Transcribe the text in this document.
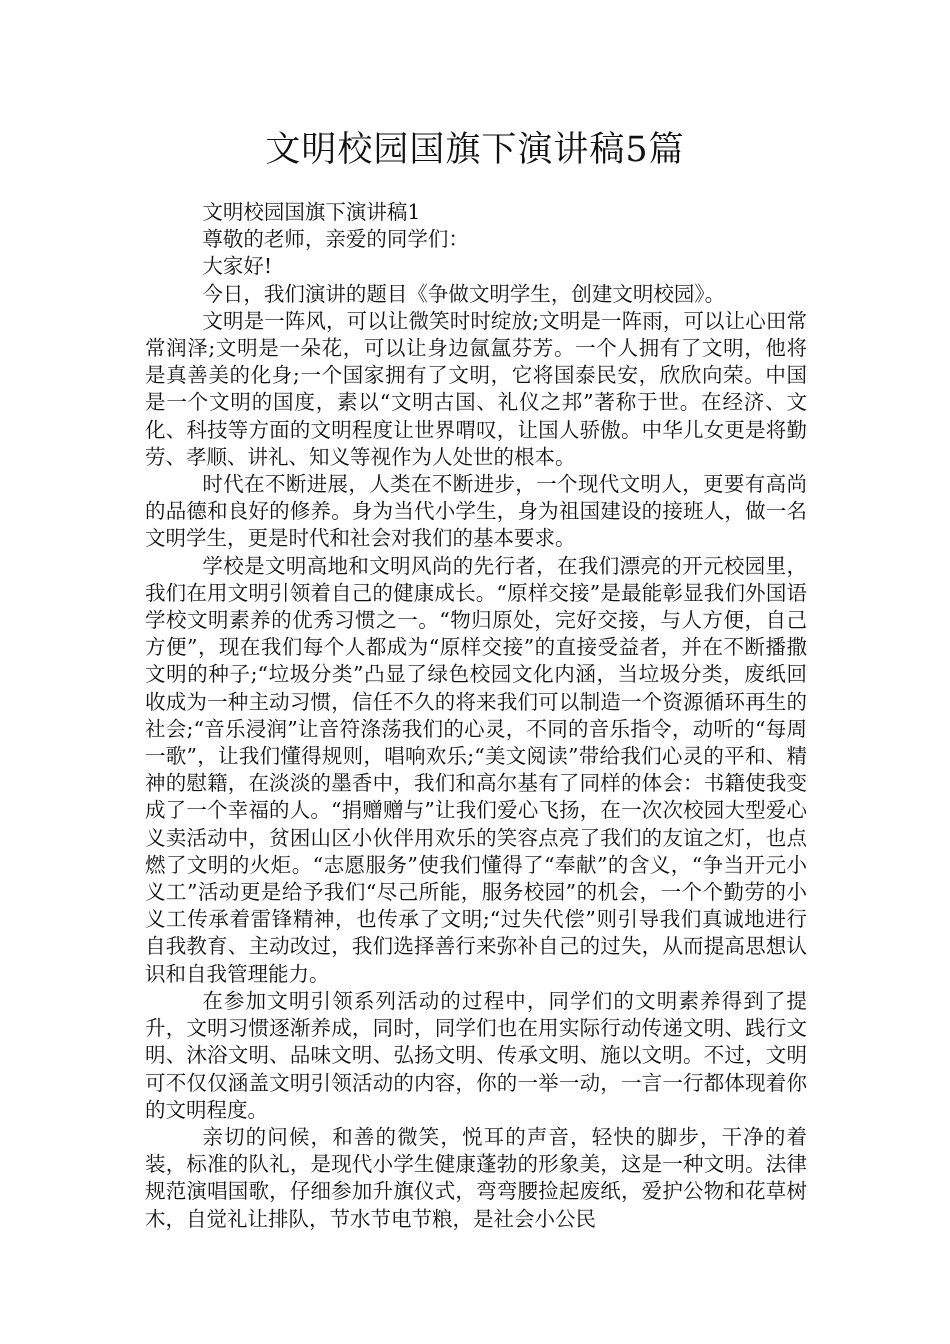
文明校园国旗下演讲稿5篇

文明校园国旗下演讲稿1

尊敬的老师，亲爱的同学们：

大家好!

今日，我们演讲的题目《争做文明学生，创建文明校园》。

文明是一阵风，可以让微笑时时绽放;文明是一阵雨，可以让心田常常润泽;文明是一朵花，可以让身边氤氲芬芳。一个人拥有了文明，他将是真善美的化身;一个国家拥有了文明，它将国泰民安，欣欣向荣。中国是一个文明的国度，素以“文明古国、礼仪之邦”著称于世。在经济、文化、科技等方面的文明程度让世界喟叹，让国人骄傲。中华儿女更是将勤劳、孝顺、讲礼、知义等视作为人处世的根本。

时代在不断进展，人类在不断进步，一个现代文明人，更要有高尚的品德和良好的修养。身为当代小学生，身为祖国建设的接班人，做一名文明学生，更是时代和社会对我们的基本要求。

学校是文明高地和文明风尚的先行者，在我们漂亮的开元校园里，我们在用文明引领着自己的健康成长。“原样交接”是最能彰显我们外国语学校文明素养的优秀习惯之一。“物归原处，完好交接，与人方便，自己方便”，现在我们每个人都成为“原样交接”的直接受益者，并在不断播撒文明的种子;“垃圾分类”凸显了绿色校园文化内涵，当垃圾分类，废纸回收成为一种主动习惯，信任不久的将来我们可以制造一个资源循环再生的社会;“音乐浸润”让音符涤荡我们的心灵，不同的音乐指令，动听的“每周一歌”，让我们懂得规则，唱响欢乐;“美文阅读”带给我们心灵的平和、精神的慰籍，在淡淡的墨香中，我们和高尔基有了同样的体会：书籍使我变成了一个幸福的人。“捐赠赠与”让我们爱心飞扬，在一次次校园大型爱心义卖活动中，贫困山区小伙伴用欢乐的笑容点亮了我们的友谊之灯，也点燃了文明的火炬。“志愿服务”使我们懂得了“奉献”的含义，“争当开元小义工”活动更是给予我们“尽己所能，服务校园”的机会，一个个勤劳的小义工传承着雷锋精神，也传承了文明;“过失代偿”则引导我们真诚地进行自我教育、主动改过，我们选择善行来弥补自己的过失，从而提高思想认识和自我管理能力。

在参加文明引领系列活动的过程中，同学们的文明素养得到了提升，文明习惯逐渐养成，同时，同学们也在用实际行动传递文明、践行文明、沐浴文明、品味文明、弘扬文明、传承文明、施以文明。不过，文明可不仅仅涵盖文明引领活动的内容，你的一举一动，一言一行都体现着你的文明程度。

亲切的问候，和善的微笑，悦耳的声音，轻快的脚步，干净的着装，标准的队礼，是现代小学生健康蓬勃的形象美，这是一种文明。法律规范演唱国歌，仔细参加升旗仪式，弯弯腰捡起废纸，爱护公物和花草树木，自觉礼让排队，节水节电节粮，是社会小公民
